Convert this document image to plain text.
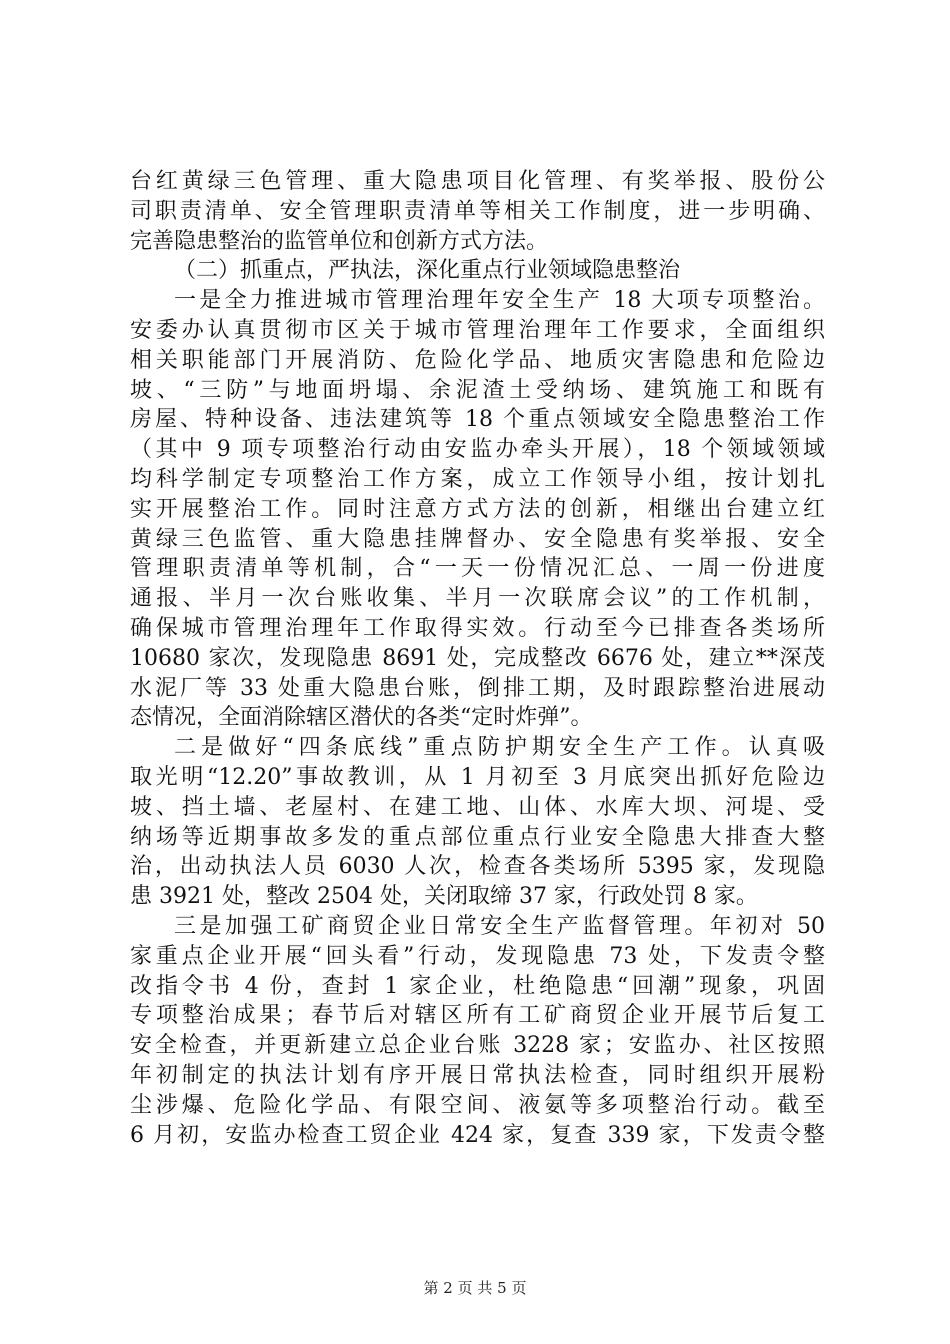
台红黄绿三色管理、重大隐患项目化管理、有奖举报、股份公
司职责清单、安全管理职责清单等相关工作制度，进一步明确、
完善隐患整治的监管单位和创新方式方法。
（二）抓重点，严执法，深化重点行业领域隐患整治
一是全力推进城市管理治理年安全生产 18 大项专项整治。
安委办认真贯彻市区关于城市管理治理年工作要求，全面组织
相关职能部门开展消防、危险化学品、地质灾害隐患和危险边
坡、“三防”与地面坍塌、余泥渣土受纳场、建筑施工和既有
房屋、特种设备、违法建筑等 18 个重点领域安全隐患整治工作
（其中 9 项专项整治行动由安监办牵头开展），18 个领域领域
均科学制定专项整治工作方案，成立工作领导小组，按计划扎
实开展整治工作。同时注意方式方法的创新，相继出台建立红
黄绿三色监管、重大隐患挂牌督办、安全隐患有奖举报、安全
管理职责清单等机制，合“一天一份情况汇总、一周一份进度
通报、半月一次台账收集、半月一次联席会议”的工作机制，
确保城市管理治理年工作取得实效。行动至今已排查各类场所
10680 家次，发现隐患 8691 处，完成整改 6676 处，建立**深茂
水泥厂等 33 处重大隐患台账，倒排工期，及时跟踪整治进展动
态情况，全面消除辖区潜伏的各类“定时炸弹”。
二是做好“四条底线”重点防护期安全生产工作。认真吸
取光明“12.20”事故教训，从 1 月初至 3 月底突出抓好危险边
坡、挡土墙、老屋村、在建工地、山体、水库大坝、河堤、受
纳场等近期事故多发的重点部位重点行业安全隐患大排查大整
治，出动执法人员 6030 人次，检查各类场所 5395 家，发现隐
患 3921 处，整改 2504 处，关闭取缔 37 家，行政处罚 8 家。
三是加强工矿商贸企业日常安全生产监督管理。年初对 50
家重点企业开展“回头看”行动，发现隐患 73 处，下发责令整
改指令书 4 份，查封 1 家企业，杜绝隐患“回潮”现象，巩固
专项整治成果；春节后对辖区所有工矿商贸企业开展节后复工
安全检查，并更新建立总企业台账 3228 家；安监办、社区按照
年初制定的执法计划有序开展日常执法检查，同时组织开展粉
尘涉爆、危险化学品、有限空间、液氨等多项整治行动。截至
6 月初，安监办检查工贸企业 424 家，复查 339 家，下发责令整
第 2 页 共 5 页
